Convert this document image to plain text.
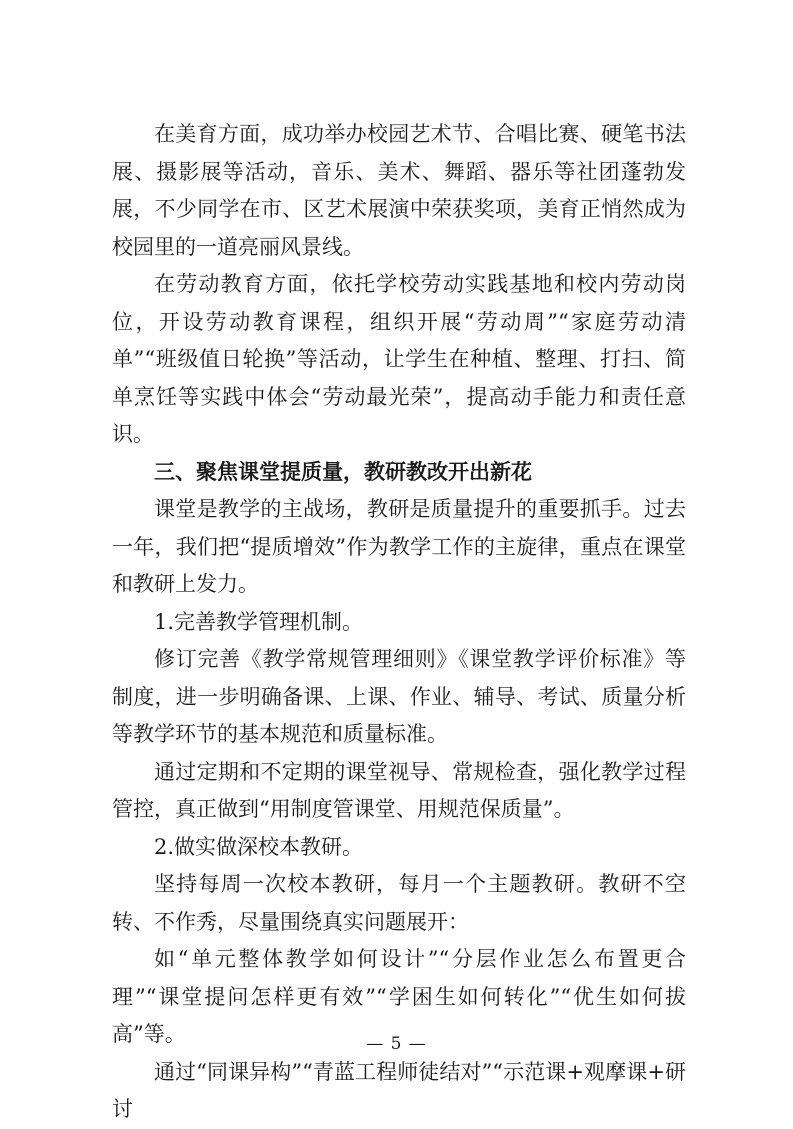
在美育方面，成功举办校园艺术节、合唱比赛、硬笔书法展、摄影展等活动，音乐、美术、舞蹈、器乐等社团蓬勃发展，不少同学在市、区艺术展演中荣获奖项，美育正悄然成为校园里的一道亮丽风景线。

在劳动教育方面，依托学校劳动实践基地和校内劳动岗位，开设劳动教育课程，组织开展“劳动周”“家庭劳动清单”“班级值日轮换”等活动，让学生在种植、整理、打扫、简单烹饪等实践中体会“劳动最光荣”，提高动手能力和责任意识。

三、聚焦课堂提质量，教研教改开出新花

课堂是教学的主战场，教研是质量提升的重要抓手。过去一年，我们把“提质增效”作为教学工作的主旋律，重点在课堂和教研上发力。

1.完善教学管理机制。

修订完善《教学常规管理细则》《课堂教学评价标准》等制度，进一步明确备课、上课、作业、辅导、考试、质量分析等教学环节的基本规范和质量标准。

通过定期和不定期的课堂视导、常规检查，强化教学过程管控，真正做到“用制度管课堂、用规范保质量”。

2.做实做深校本教研。

坚持每周一次校本教研，每月一个主题教研。教研不空转、不作秀，尽量围绕真实问题展开：

如“单元整体教学如何设计”“分层作业怎么布置更合理”“课堂提问怎样更有效”“学困生如何转化”“优生如何拔高”等。

通过“同课异构”“青蓝工程师徒结对”“示范课+观摩课+研讨

— 5 —
